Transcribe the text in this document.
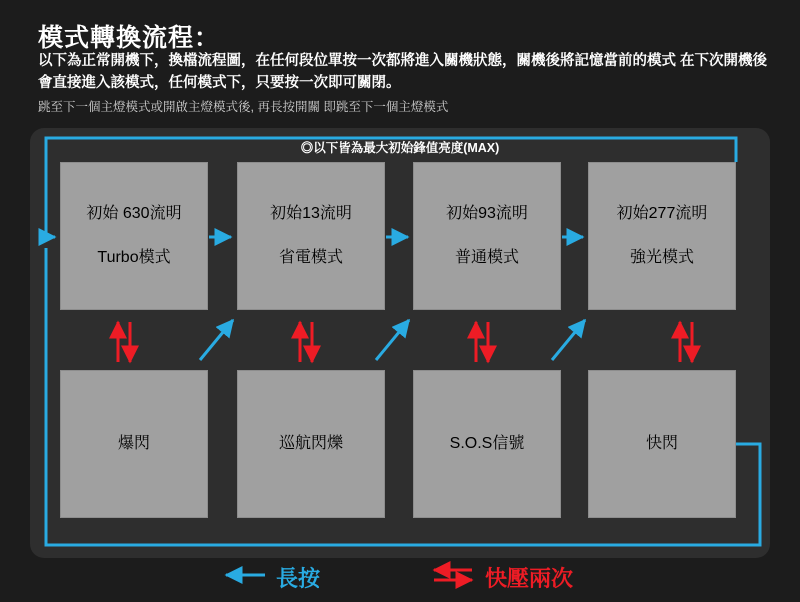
模式轉換流程：
以下為正常開機下，換檔流程圖，在任何段位單按一次都將進入關機狀態，關機後將記憶當前的模式 在下次開機後會直接進入該模式，任何模式下，只要按一次即可關閉。
跳至下一個主燈模式或開啟主燈模式後, 再長按開關 即跳至下一個主燈模式
◎以下皆為最大初始鋒值亮度(MAX)

初始 630流明

Turbo模式

初始13流明

省電模式

初始93流明

普通模式

初始277流明

強光模式

爆閃	巡航閃爍	S.O.S信號	快閃
長按	快壓兩次
